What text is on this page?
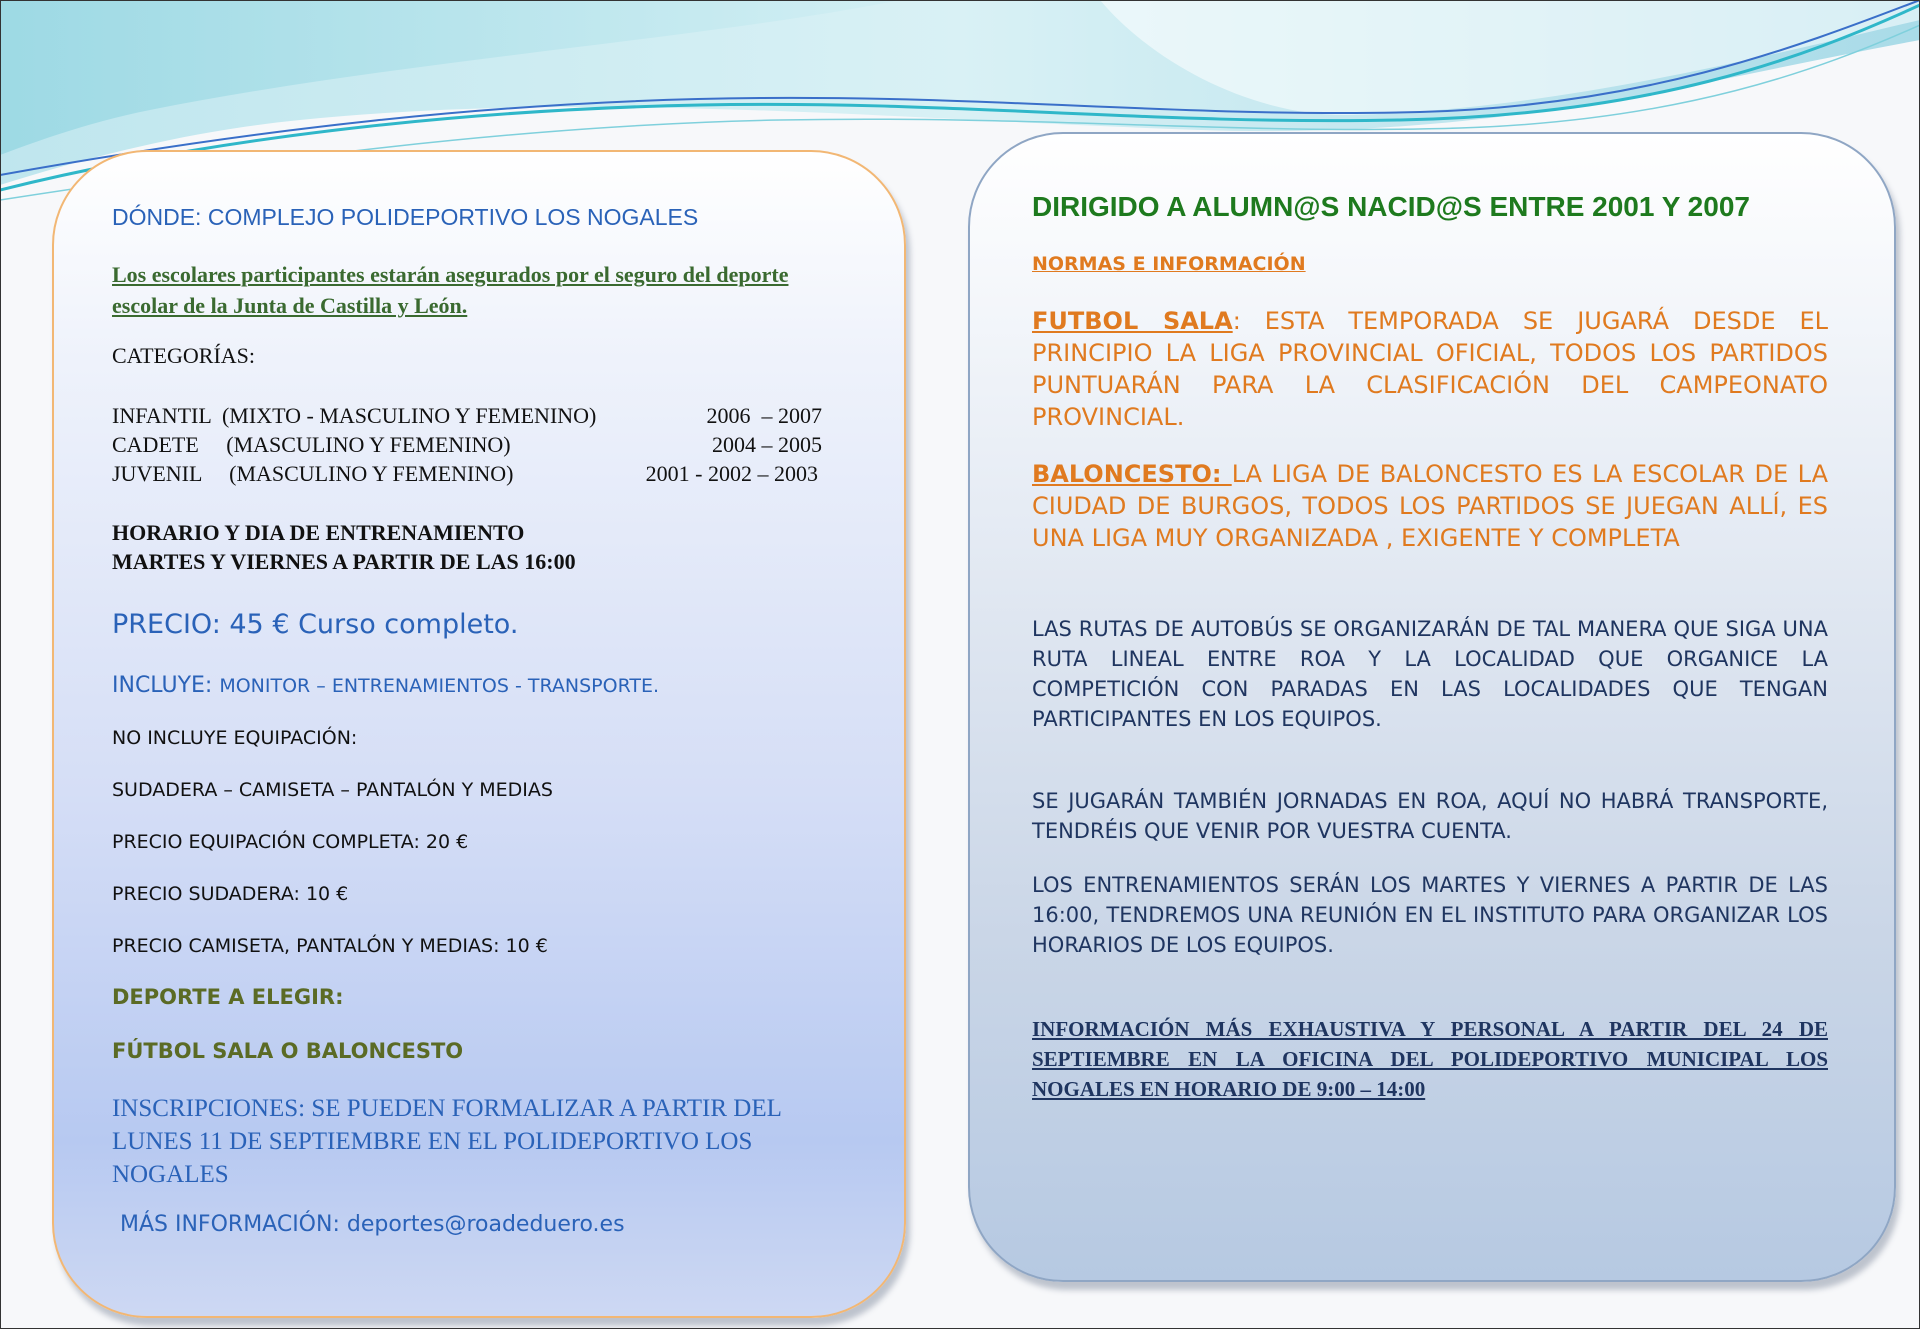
DÓNDE: COMPLEJO POLIDEPORTIVO LOS NOGALES

Los escolares participantes estarán asegurados por el seguro del deporte escolar de la Junta de Castilla y León.

CATEGORÍAS:

INFANTIL  (MIXTO - MASCULINO Y FEMENINO)	2006  – 2007
CADETE     (MASCULINO Y FEMENINO)	2004 – 2005
JUVENIL     (MASCULINO Y FEMENINO)	2001 - 2002 – 2003

HORARIO Y DIA DE ENTRENAMIENTO

MARTES Y VIERNES A PARTIR DE LAS 16:00

PRECIO: 45 € Curso completo.

INCLUYE: MONITOR – ENTRENAMIENTOS - TRANSPORTE.

NO INCLUYE EQUIPACIÓN:

SUDADERA – CAMISETA – PANTALÓN Y MEDIAS

PRECIO EQUIPACIÓN COMPLETA: 20 €

PRECIO SUDADERA: 10 €

PRECIO CAMISETA, PANTALÓN Y MEDIAS: 10 €

DEPORTE A ELEGIR:

FÚTBOL SALA O BALONCESTO

INSCRIPCIONES: SE PUEDEN FORMALIZAR A PARTIR DEL LUNES 11 DE SEPTIEMBRE EN EL POLIDEPORTIVO LOS NOGALES

MÁS INFORMACIÓN: deportes@roadeduero.es

DIRIGIDO A ALUMN@S NACID@S ENTRE 2001 Y 2007

NORMAS E INFORMACIÓN

FUTBOL SALA: ESTA TEMPORADA SE JUGARÁ DESDE EL PRINCIPIO LA LIGA PROVINCIAL OFICIAL, TODOS LOS PARTIDOS PUNTUARÁN PARA LA CLASIFICACIÓN DEL CAMPEONATO PROVINCIAL.

BALONCESTO: LA LIGA DE BALONCESTO ES LA ESCOLAR DE LA CIUDAD DE BURGOS, TODOS LOS PARTIDOS SE JUEGAN ALLÍ, ES UNA LIGA MUY ORGANIZADA , EXIGENTE Y COMPLETA

LAS RUTAS DE AUTOBÚS SE ORGANIZARÁN DE TAL MANERA QUE SIGA UNA RUTA LINEAL ENTRE ROA Y LA LOCALIDAD QUE ORGANICE LA COMPETICIÓN CON PARADAS EN LAS LOCALIDADES QUE TENGAN PARTICIPANTES EN LOS EQUIPOS.

SE JUGARÁN TAMBIÉN JORNADAS EN ROA, AQUÍ NO HABRÁ TRANSPORTE, TENDRÉIS QUE VENIR POR VUESTRA CUENTA.

LOS ENTRENAMIENTOS SERÁN LOS MARTES Y VIERNES A PARTIR DE LAS 16:00, TENDREMOS UNA REUNIÓN EN EL INSTITUTO PARA ORGANIZAR LOS HORARIOS DE LOS EQUIPOS.

INFORMACIÓN MÁS EXHAUSTIVA Y PERSONAL A PARTIR DEL 24 DE SEPTIEMBRE EN LA OFICINA DEL POLIDEPORTIVO MUNICIPAL LOS NOGALES EN HORARIO DE 9:00 – 14:00
